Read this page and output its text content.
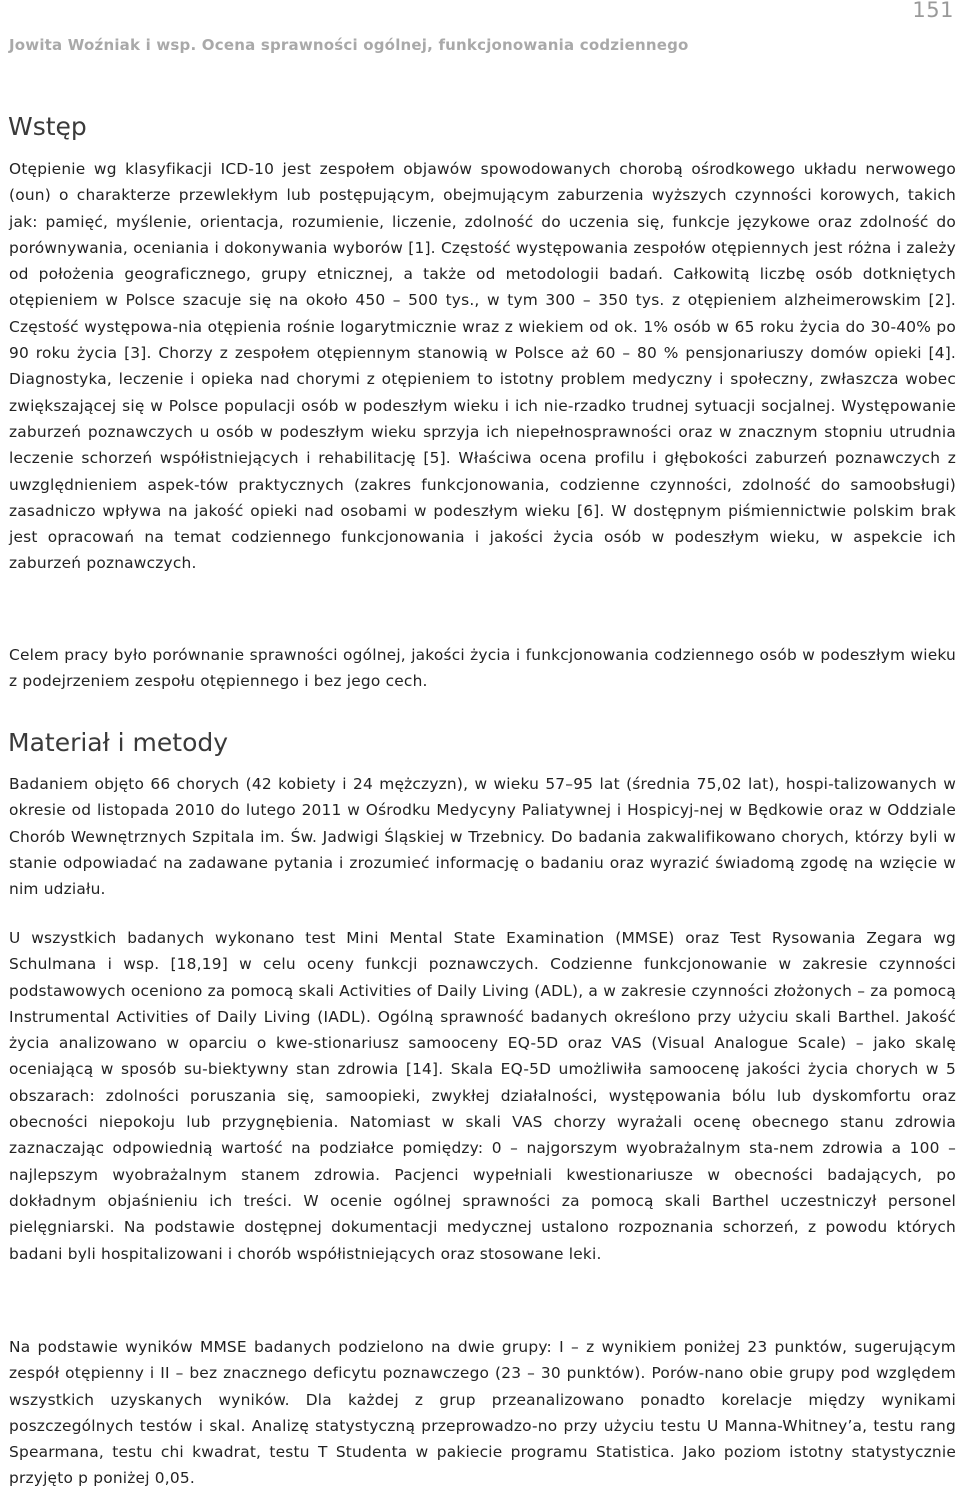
151
Jowita Woźniak i wsp. Ocena sprawności ogólnej, funkcjonowania codziennego
Wstęp

Otępienie wg klasyfikacji ICD-10 jest zespołem objawów spowodowanych chorobą ośrodkowego układu nerwowego (oun) o charakterze przewlekłym lub postępującym, obejmującym zaburzenia wyższych czynności korowych, takich jak: pamięć, myślenie, orientacja, rozumienie, liczenie, zdolność do uczenia się, funkcje językowe oraz zdolność do porównywania, oceniania i dokonywania wyborów [1]. Częstość występowania zespołów otępiennych jest różna i zależy od położenia geograficznego, grupy etnicznej, a także od metodologii badań. Całkowitą liczbę osób dotkniętych otępieniem w Polsce szacuje się na około 450 – 500 tys., w tym 300 – 350 tys. z otępieniem alzheimerowskim [2]. Częstość występowa-nia otępienia rośnie logarytmicznie wraz z wiekiem od ok. 1% osób w 65 roku życia do 30-40% po 90 roku życia [3]. Chorzy z zespołem otępiennym stanowią w Polsce aż 60 – 80 % pensjonariuszy domów opieki [4]. Diagnostyka, leczenie i opieka nad chorymi z otępieniem to istotny problem medyczny i społeczny, zwłaszcza wobec zwiększającej się w Polsce populacji osób w podeszłym wieku i ich nie-rzadko trudnej sytuacji socjalnej. Występowanie zaburzeń poznawczych u osób w podeszłym wieku sprzyja ich niepełnosprawności oraz w znacznym stopniu utrudnia leczenie schorzeń współistniejących i rehabilitację [5]. Właściwa ocena profilu i głębokości zaburzeń poznawczych z uwzględnieniem aspek-tów praktycznych (zakres funkcjonowania, codzienne czynności, zdolność do samoobsługi) zasadniczo wpływa na jakość opieki nad osobami w podeszłym wieku [6]. W dostępnym piśmiennictwie polskim brak jest opracowań na temat codziennego funkcjonowania i jakości życia osób w podeszłym wieku, w aspekcie ich zaburzeń poznawczych.

Celem pracy było porównanie sprawności ogólnej, jakości życia i funkcjonowania codziennego osób w podeszłym wieku z podejrzeniem zespołu otępiennego i bez jego cech.

Materiał i metody

Badaniem objęto 66 chorych (42 kobiety i 24 mężczyzn), w wieku 57–95 lat (średnia 75,02 lat), hospi-talizowanych w okresie od listopada 2010 do lutego 2011 w Ośrodku Medycyny Paliatywnej i Hospicyj-nej w Będkowie oraz w Oddziale Chorób Wewnętrznych Szpitala im. Św. Jadwigi Śląskiej w Trzebnicy. Do badania zakwalifikowano chorych, którzy byli w stanie odpowiadać na zadawane pytania i zrozumieć informację o badaniu oraz wyrazić świadomą zgodę na wzięcie w nim udziału.

U wszystkich badanych wykonano test Mini Mental State Examination (MMSE) oraz Test Rysowania Zegara wg Schulmana i wsp. [18,19] w celu oceny funkcji poznawczych. Codzienne funkcjonowanie w zakresie czynności podstawowych oceniono za pomocą skali Activities of Daily Living (ADL), a w zakresie czynności złożonych – za pomocą Instrumental Activities of Daily Living (IADL). Ogólną sprawność badanych określono przy użyciu skali Barthel. Jakość życia analizowano w oparciu o kwe-stionariusz samooceny EQ-5D oraz VAS (Visual Analogue Scale) – jako skalę oceniającą w sposób su-biektywny stan zdrowia [14]. Skala EQ-5D umożliwiła samoocenę jakości życia chorych w 5 obszarach: zdolności poruszania się, samoopieki, zwykłej działalności, występowania bólu lub dyskomfortu oraz obecności niepokoju lub przygnębienia. Natomiast w skali VAS chorzy wyrażali ocenę obecnego stanu zdrowia zaznaczając odpowiednią wartość na podziałce pomiędzy: 0 – najgorszym wyobrażalnym sta-nem zdrowia a 100 – najlepszym wyobrażalnym stanem zdrowia. Pacjenci wypełniali kwestionariusze w obecności badających, po dokładnym objaśnieniu ich treści. W ocenie ogólnej sprawności za pomocą skali Barthel uczestniczył personel pielęgniarski. Na podstawie dostępnej dokumentacji medycznej ustalono rozpoznania schorzeń, z powodu których badani byli hospitalizowani i chorób współistniejących oraz stosowane leki.

Na podstawie wyników MMSE badanych podzielono na dwie grupy: I – z wynikiem poniżej 23 punktów, sugerującym zespół otępienny i II – bez znacznego deficytu poznawczego (23 – 30 punktów). Porów-nano obie grupy pod względem wszystkich uzyskanych wyników. Dla każdej z grup przeanalizowano ponadto korelacje między wynikami poszczególnych testów i skal. Analizę statystyczną przeprowadzo-no przy użyciu testu U Manna-Whitney’a, testu rang Spearmana, testu chi kwadrat, testu T Studenta w pakiecie programu Statistica. Jako poziom istotny statystycznie przyjęto p poniżej 0,05.
